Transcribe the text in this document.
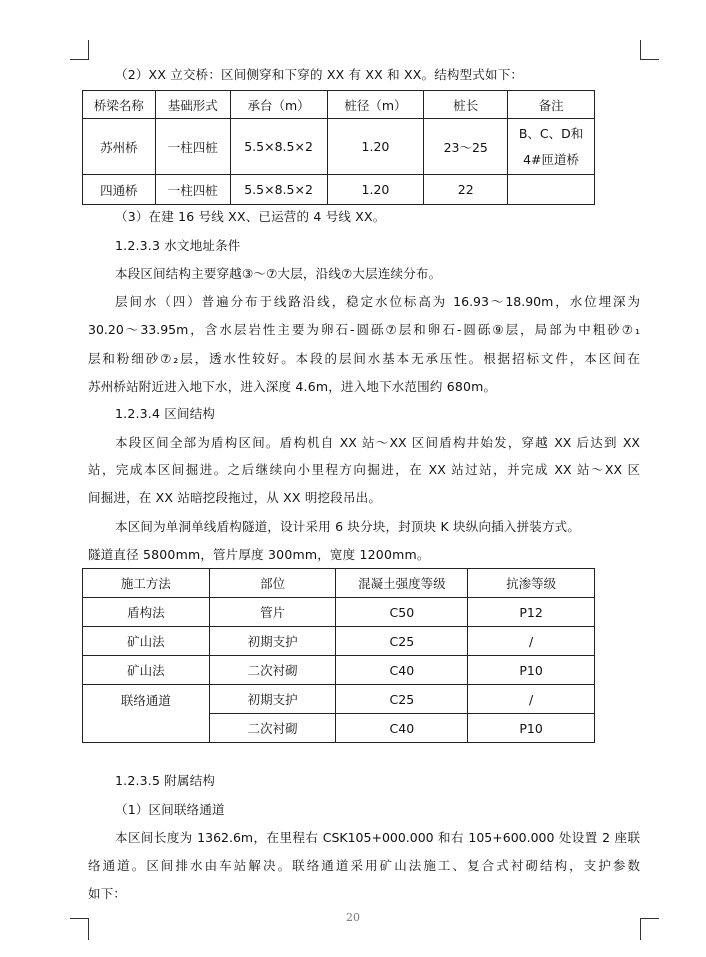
（2）XX 立交桥：区间侧穿和下穿的 XX 有 XX 和 XX。结构型式如下：
桥梁名称	基础形式	承台（m）	桩径（m）	桩长	备注
苏州桥	一柱四桩	5.5×8.5×2	1.20	23～25	B、C、D和
4#匝道桥

四通桥	一柱四桩	5.5×8.5×2	1.20	22	
（3）在建 16 号线 XX、已运营的 4 号线 XX。
1.2.3.3 水文地址条件
本段区间结构主要穿越③～⑦大层，沿线⑦大层连续分布。
层间水（四）普遍分布于线路沿线，稳定水位标高为 16.93～18.90m，水位埋深为
30.20～33.95m，含水层岩性主要为卵石-圆砾⑦层和卵石-圆砾⑨层，局部为中粗砂⑦₁
层和粉细砂⑦₂层，透水性较好。本段的层间水基本无承压性。根据招标文件，本区间在
苏州桥站附近进入地下水，进入深度 4.6m，进入地下水范围约 680m。
1.2.3.4 区间结构
本段区间全部为盾构区间。盾构机自 XX 站～XX 区间盾构井始发，穿越 XX 后达到 XX
站，完成本区间掘进。之后继续向小里程方向掘进，在 XX 站过站，并完成 XX 站～XX 区
间掘进，在 XX 站暗挖段拖过，从 XX 明挖段吊出。
本区间为单洞单线盾构隧道，设计采用 6 块分块，封顶块 K 块纵向插入拼装方式。
隧道直径 5800mm，管片厚度 300mm，宽度 1200mm。
施工方法	部位	混凝土强度等级	抗渗等级
盾构法	管片	C50	P12
矿山法	初期支护	C25	/
矿山法	二次衬砌	C40	P10
联络通道	初期支护	C25	/
	二次衬砌	C40	P10
1.2.3.5 附属结构
（1）区间联络通道
本区间长度为 1362.6m，在里程右 CSK105+000.000 和右 105+600.000 处设置 2 座联
络通道。区间排水由车站解决。联络通道采用矿山法施工、复合式衬砌结构，支护参数
如下：
20
